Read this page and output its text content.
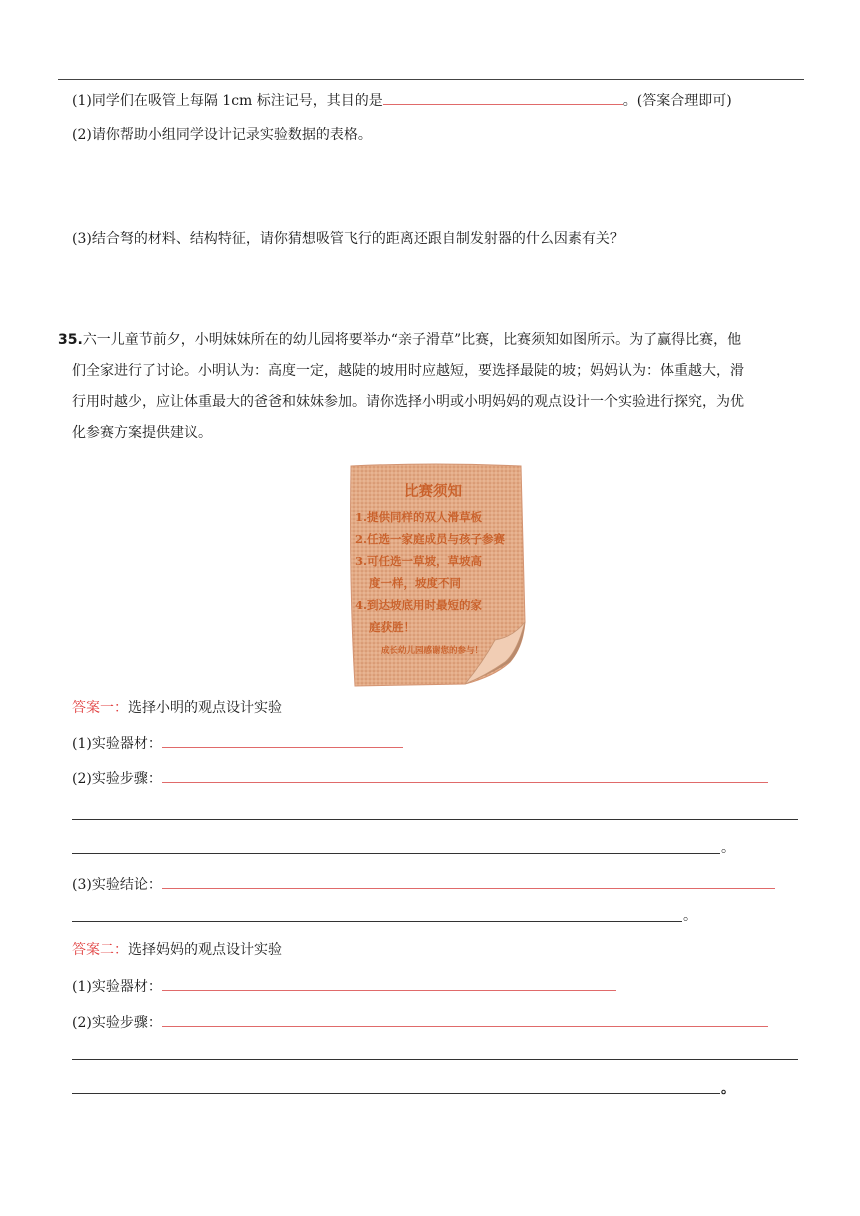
(1)同学们在吸管上每隔 1cm 标注记号，其目的是	。(答案合理即可)
(2)请你帮助小组同学设计记录实验数据的表格。
(3)结合弩的材料、结构特征，请你猜想吸管飞行的距离还跟自制发射器的什么因素有关？
35.六一儿童节前夕，小明妹妹所在的幼儿园将要举办“亲子滑草”比赛，比赛须知如图所示。为了赢得比赛，他
们全家进行了讨论。小明认为：高度一定，越陡的坡用时应越短，要选择最陡的坡；妈妈认为：体重越大，滑
行用时越少，应让体重最大的爸爸和妹妹参加。请你选择小明或小明妈妈的观点设计一个实验进行探究，为优
化参赛方案提供建议。
比赛须知
1.提供同样的双人滑草板
2.任选一家庭成员与孩子参赛
3.可任选一草坡，草坡高
度一样，坡度不同
4.到达坡底用时最短的家
庭获胜！
成长幼儿园感谢您的参与！
答案一：选择小明的观点设计实验
(1)实验器材：
(2)实验步骤：
。
(3)实验结论：
。
答案二：选择妈妈的观点设计实验
(1)实验器材：
(2)实验步骤：
。
